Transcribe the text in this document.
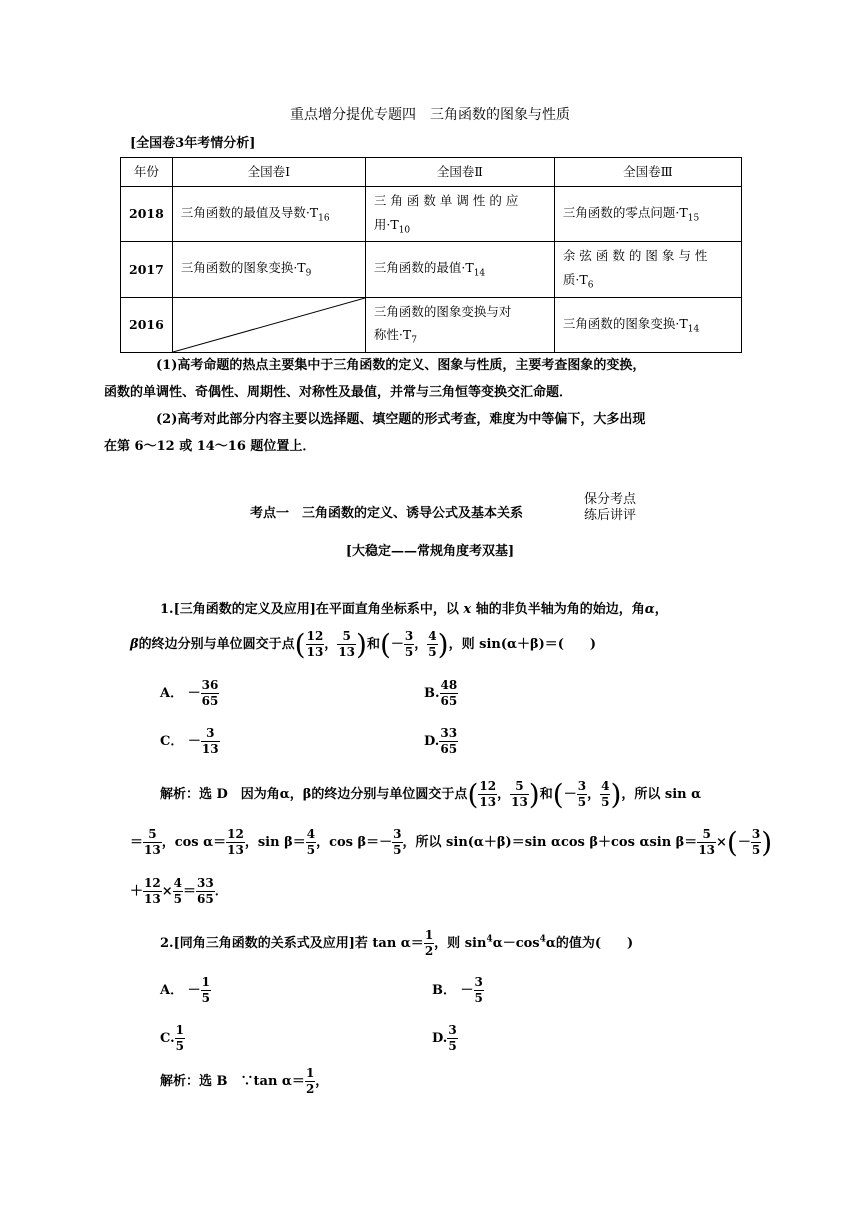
重点增分提优专题四　三角函数的图象与性质
[全国卷3年考情分析]
年份	全国卷Ⅰ	全国卷Ⅱ	全国卷Ⅲ
2018	三角函数的最值及导数$\cdot T_{16}$	三角函数单调性的应
用$\cdot T_{10}$	三角函数的零点问题$\cdot T_{15}$
2017	三角函数的图象变换$\cdot T_9$	三角函数的最值$\cdot T_{14}$	余弦函数的图象与性
质$\cdot T_6$
2016		三角函数的图象变换与对
称性$\cdot T_7$	三角函数的图象变换$\cdot T_{14}$
(1)高考命题的热点主要集中于三角函数的定义、图象与性质，主要考查图象的变换，
函数的单调性、奇偶性、周期性、对称性及最值，并常与三角恒等变换交汇命题．
(2)高考对此部分内容主要以选择题、填空题的形式考查，难度为中等偏下，大多出现
在第 6～12 或 14～16 题位置上．
考点一　三角函数的定义、诱导公式及基本关系
保分考点
练后讲评
[大稳定——常规角度考双基]
1.[三角函数的定义及应用]在平面直角坐标系中，以 x 轴的非负半轴为角的始边，角α，
β的终边分别与单位圆交于点( $\frac{12}{13}$ ， $\frac{5}{13}$ )和(－ $\frac{3}{5}$ ， $\frac{4}{5}$ )，则 sin(α＋β)＝(　　)
A． － $\frac{36}{65}$	B. $\frac{48}{65}$
C． － $\frac{3}{13}$	D. $\frac{33}{65}$
解析：选 D　因为角α，β的终边分别与单位圆交于点( $\frac{12}{13}$ ， $\frac{5}{13}$ )和(－ $\frac{3}{5}$ ， $\frac{4}{5}$ )，所以 sin α
＝ $\frac{5}{13}$ ，$\cos \alpha= \frac{12}{13}$ ，$\sin \beta= \frac{4}{5}$ ，$\cos \beta=- \frac{3}{5}$ ，所以 sin(α＋β)＝sin αcos β＋cos αsin $\beta= \frac{5}{13}$ ×(－ $\frac{3}{5}$ )
＋ $\frac{12}{13} \times \frac{4}{5} = \frac{33}{65}$ ．
2.[同角三角函数的关系式及应用]若 $\tan \alpha= \frac{1}{2}$ ，则 $\sin^4\alpha-\cos^4\alpha$的值为(　　)
A． － $\frac{1}{5}$	B． － $\frac{3}{5}$
C. $\frac{1}{5}$	D. $\frac{3}{5}$
解析：选 B　∵tan $\alpha= \frac{1}{2}$ ，
